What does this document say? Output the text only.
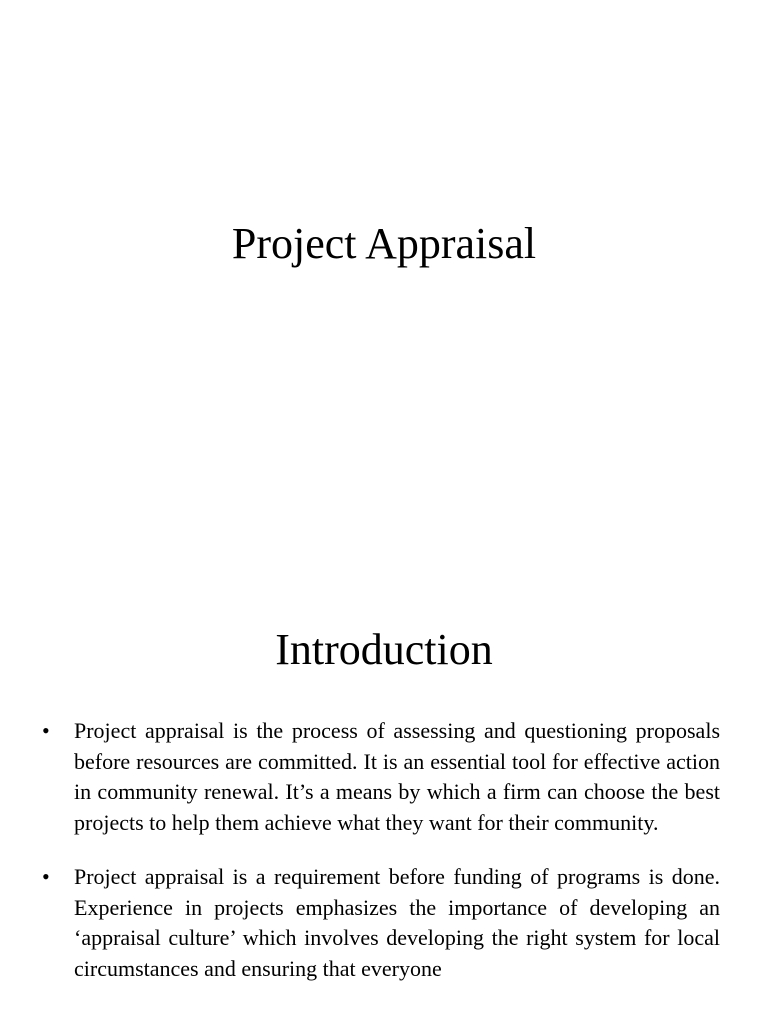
Project Appraisal
Introduction
• Project appraisal is the process of assessing and questioning proposals before resources are committed. It is an essential tool for effective action in community renewal. It’s a means by which a firm can choose the best projects to help them achieve what they want for their community.
• Project appraisal is a requirement before funding of programs is done. Experience in projects emphasizes the importance of developing an ‘appraisal culture’ which involves developing the right system for local circumstances and ensuring that everyone
